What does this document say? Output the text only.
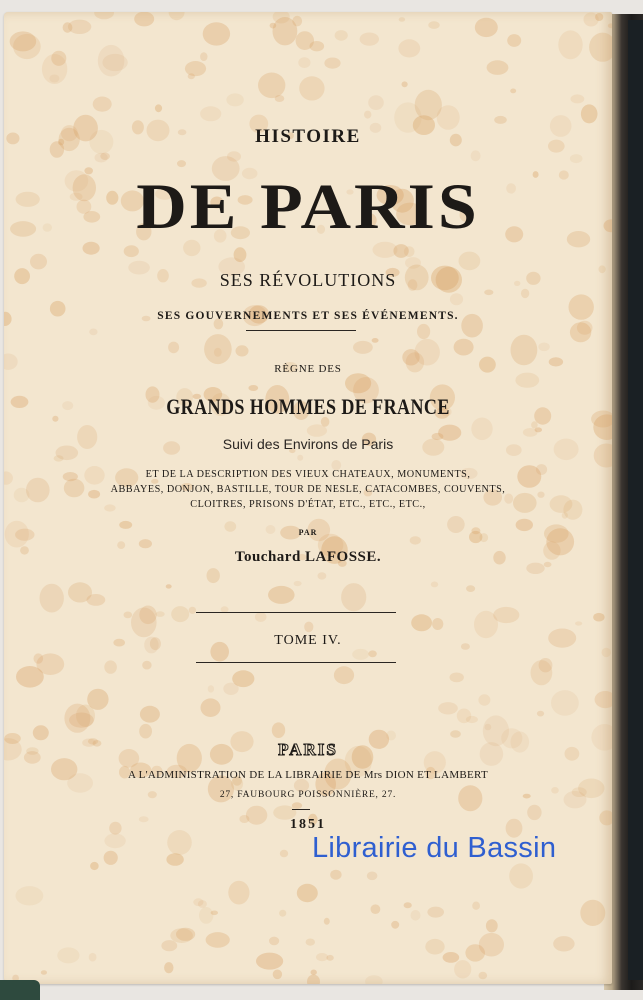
HISTOIRE
DE PARIS
SES RÉVOLUTIONS
SES GOUVERNEMENTS ET SES ÉVÉNEMENTS.
RÈGNE DES
GRANDS HOMMES DE FRANCE
Suivi des Environs de Paris
ET DE LA DESCRIPTION DES VIEUX CHATEAUX, MONUMENTS,
ABBAYES, DONJON, BASTILLE, TOUR DE NESLE, CATACOMBES, COUVENTS,
CLOITRES, PRISONS D'ÉTAT, ETC., ETC., ETC.,
PAR
Touchard LAFOSSE.
TOME IV.
PARIS
A L'ADMINISTRATION DE LA LIBRAIRIE DE Mrs DION ET LAMBERT
27, FAUBOURG POISSONNIÈRE, 27.
1851
Librairie du Bassin
